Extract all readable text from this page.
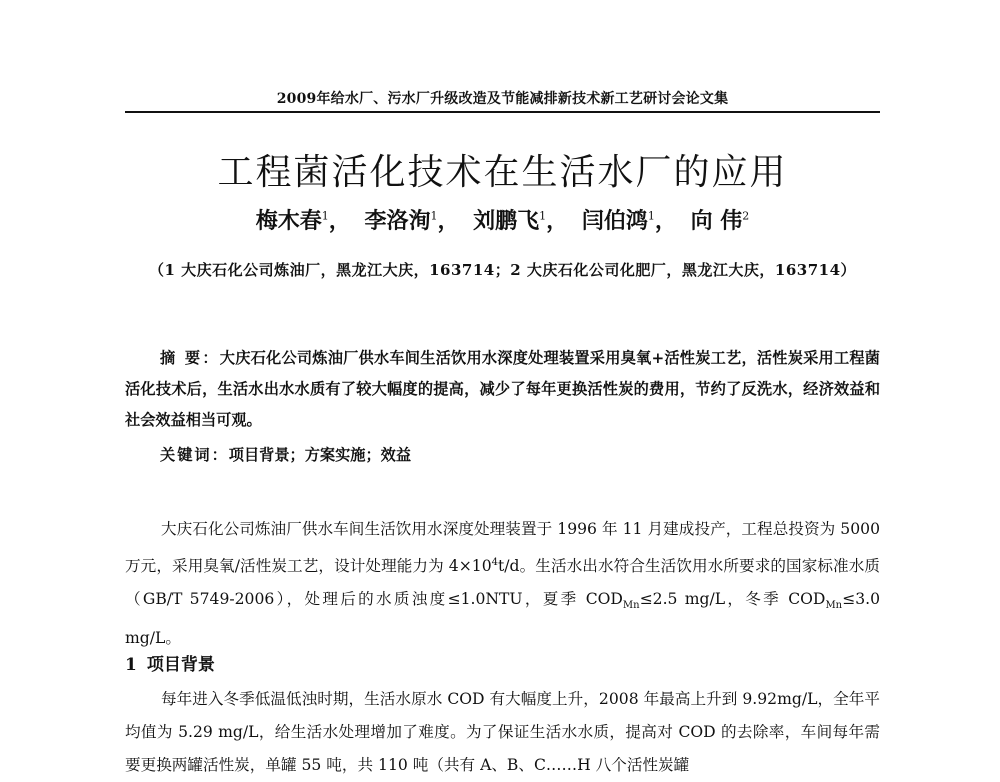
2009年给水厂、污水厂升级改造及节能减排新技术新工艺研讨会论文集
工程菌活化技术在生活水厂的应用
梅木春$^1$， 李洛洵$^1$， 刘鹏飞$^1$， 闫伯鸿$^1$， 向 伟$^2$
（1 大庆石化公司炼油厂，黑龙江大庆，163714；2 大庆石化公司化肥厂，黑龙江大庆，163714）

摘 要：大庆石化公司炼油厂供水车间生活饮用水深度处理装置采用臭氧+活性炭工艺，活性炭采用工程菌活化技术后，生活水出水水质有了较大幅度的提高，减少了每年更换活性炭的费用，节约了反洗水，经济效益和社会效益相当可观。

关键词：项目背景；方案实施；效益

大庆石化公司炼油厂供水车间生活饮用水深度处理装置于 1996 年 11 月建成投产，工程总投资为 5000 万元，采用臭氧/活性炭工艺，设计处理能力为 $4\times 10^4t/d$。生活水出水符合生活饮用水所要求的国家标准水质（GB/T 5749-2006），处理后的水质浊度≤1.0NTU，夏季 $COD_{Mn}\le 2.5$ mg/L，冬季 $COD_{Mn}\le 3.0$ mg/L。

1 项目背景

每年进入冬季低温低浊时期，生活水原水 COD 有大幅度上升，2008 年最高上升到 9.92mg/L，全年平均值为 5.29 mg/L，给生活水处理增加了难度。为了保证生活水水质，提高对 COD 的去除率，车间每年需要更换两罐活性炭，单罐 55 吨，共 110 吨（共有 A、B、C……H 八个活性炭罐
